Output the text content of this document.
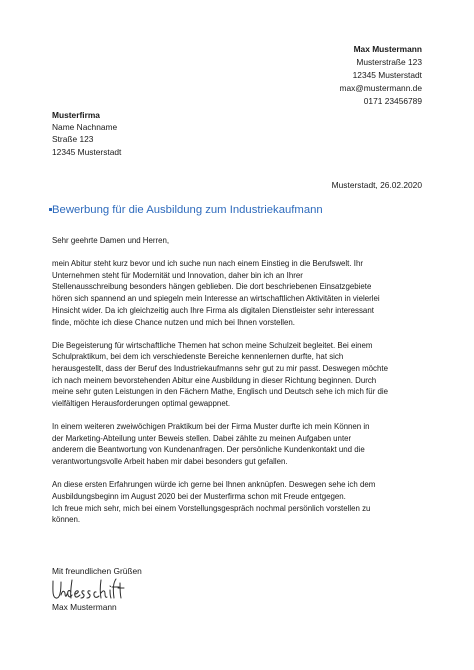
Max Mustermann
Musterstraße 123
12345 Musterstadt
max@mustermann.de
0171 23456789
Musterfirma
Name Nachname
Straße 123
12345 Musterstadt
Musterstadt, 26.02.2020
Bewerbung für die Ausbildung zum Industriekaufmann

Sehr geehrte Damen und Herren,

mein Abitur steht kurz bevor und ich suche nun nach einem Einstieg in die Berufswelt. Ihr
Unternehmen steht für Modernität und Innovation, daher bin ich an Ihrer
Stellenausschreibung besonders hängen geblieben. Die dort beschriebenen Einsatzgebiete
hören sich spannend an und spiegeln mein Interesse an wirtschaftlichen Aktivitäten in vielerlei
Hinsicht wider. Da ich gleichzeitig auch Ihre Firma als digitalen Dienstleister sehr interessant
finde, möchte ich diese Chance nutzen und mich bei Ihnen vorstellen.

Die Begeisterung für wirtschaftliche Themen hat schon meine Schulzeit begleitet. Bei einem
Schulpraktikum, bei dem ich verschiedenste Bereiche kennenlernen durfte, hat sich
herausgestellt, dass der Beruf des Industriekaufmanns sehr gut zu mir passt. Deswegen möchte
ich nach meinem bevorstehenden Abitur eine Ausbildung in dieser Richtung beginnen. Durch
meine sehr guten Leistungen in den Fächern Mathe, Englisch und Deutsch sehe ich mich für die
vielfältigen Herausforderungen optimal gewappnet.

In einem weiteren zweiwöchigen Praktikum bei der Firma Muster durfte ich mein Können in
der Marketing-Abteilung unter Beweis stellen. Dabei zählte zu meinen Aufgaben unter
anderem die Beantwortung von Kundenanfragen. Der persönliche Kundenkontakt und die
verantwortungsvolle Arbeit haben mir dabei besonders gut gefallen.

An diese ersten Erfahrungen würde ich gerne bei Ihnen anknüpfen. Deswegen sehe ich dem
Ausbildungsbeginn im August 2020 bei der Musterfirma schon mit Freude entgegen.
Ich freue mich sehr, mich bei einem Vorstellungsgespräch nochmal persönlich vorstellen zu
können.

Mit freundlichen Grüßen
Max Mustermann
